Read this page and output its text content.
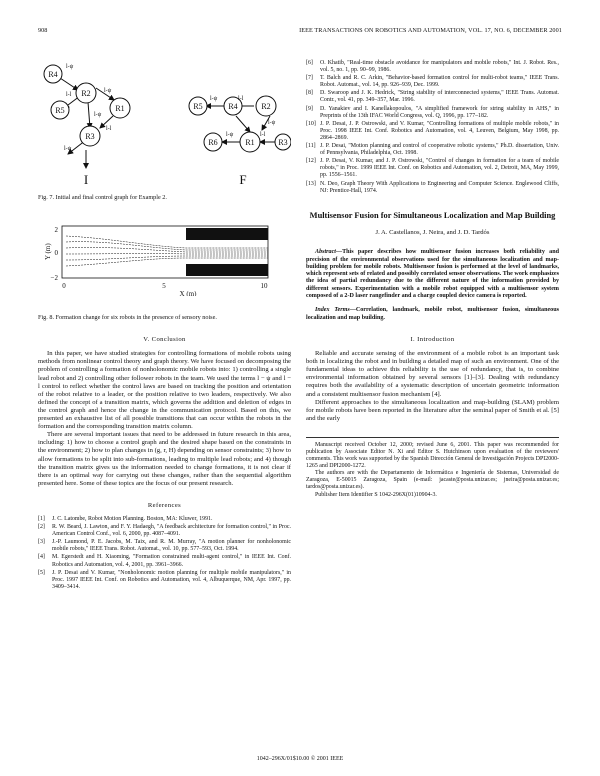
908	IEEE TRANSACTIONS ON ROBOTICS AND AUTOMATION, VOL. 17, NO. 6, DECEMBER 2001
R4
R2
R1
R3
R5	R5	R4	R2
R1
R6	R3
l-ψ
l-l
l-ψ
l-ψ
l-l
l-ψ
l-ψ	l-l
l-ψ
l-ψ	l-l
I	F
Fig. 7. Initial and final control graph for Example 2.
2
0
−2
0	5	10
X (m)
Y (m)
Fig. 8. Formation change for six robots in the presence of sensory noise.
V. Conclusion

In this paper, we have studied strategies for controlling formations of mobile robots using methods from nonlinear control theory and graph theory. We have focused on decomposing the problem of controlling a formation of nonholonomic mobile robots into: 1) controlling a single lead robot and 2) controlling other follower robots in the team. We used the terms l − ψ and l − l control to reflect whether the control laws are based on tracking the position and orientation of the robot relative to a leader, or the position relative to two leaders, respectively. We also defined the concept of a transition matrix, which governs the addition and deletion of edges in the control graph and hence the change in the communication protocol. Based on this, we presented an exhaustive list of all possible transitions that can occur within the robots in the formation and the corresponding transition matrix column.

There are several important issues that need to be addressed in future research in this area, including: 1) how to choose a control graph and the desired shape based on the constraints in the environment; 2) how to plan changes in (g, r, H) depending on sensor constraints; 3) how to allow formations to be split into sub-formations, leading to multiple lead robots; and 4) though the transition matrix gives us the information needed to change formations, it is not clear if there is an optimal way for carrying out these changes, rather than the sequential algorithm presented here. Some of these topics are the focus of our present research.

References
[1]	J. C. Latombe, Robot Motion Planning. Boston, MA: Kluwer, 1991.
[2]	R. W. Beard, J. Lawton, and F. Y. Hadaegh, "A feedback architecture for formation control," in Proc. American Control Conf., vol. 6, 2000, pp. 4087–4091.
[3]	J.-P. Laumond, P. E. Jacobs, M. Taix, and R. M. Murray, "A motion planner for nonholonomic mobile robots," IEEE Trans. Robot. Automat., vol. 10, pp. 577–593, Oct. 1994.
[4]	M. Egerstedt and H. Xiaoming, "Formation constrained multi-agent control," in IEEE Int. Conf. Robotics and Automation, vol. 4, 2001, pp. 3961–3966.
[5]	J. P. Desai and V. Kumar, "Nonholonomic motion planning for multiple mobile manipulators," in Proc. 1997 IEEE Int. Conf. on Robotics and Automation, vol. 4, Albuquerque, NM, Apr. 1997, pp. 3409–3414.
[6]	O. Khatib, "Real-time obstacle avoidance for manipulators and mobile robots," Int. J. Robot. Res., vol. 5, no. 1, pp. 90–99, 1986.
[7]	T. Balch and R. C. Arkin, "Behavior-based formation control for multi-robot teams," IEEE Trans. Robot. Automat., vol. 14, pp. 926–939, Dec. 1999.
[8]	D. Swaroop and J. K. Hedrick, "String stability of interconnected systems," IEEE Trans. Automat. Contr., vol. 41, pp. 349–357, Mar. 1996.
[9]	D. Yanakiev and I. Kanellakopoulos, "A simplified framework for string stability in AHS," in Preprints of the 13th IFAC World Congress, vol. Q, 1996, pp. 177–182.
[10] J. P. Desai, J. P. Ostrowski, and V. Kumar, "Controlling formations of multiple mobile robots," in Proc. 1998 IEEE Int. Conf. Robotics and Automation, vol. 4, Leuven, Belgium, May 1998, pp. 2864–2869.
[11] J. P. Desai, "Motion planning and control of cooperative robotic systems," Ph.D. dissertation, Univ. of Pennsylvania, Philadelphia, Oct. 1998.
[12] J. P. Desai, V. Kumar, and J. P. Ostrowski, "Control of changes in formation for a team of mobile robots," in Proc. 1999 IEEE Int. Conf. on Robotics and Automation, vol. 2, Detroit, MA, May 1999, pp. 1556–1561.
[13] N. Deo, Graph Theory With Applications to Engineering and Computer Science. Englewood Cliffs, NJ: Prentice-Hall, 1974.
Multisensor Fusion for Simultaneous Localization and Map Building
J. A. Castellanos, J. Neira, and J. D. Tardós
Abstract—This paper describes how multisensor fusion increases both reliability and precision of the environmental observations used for the simultaneous localization and map-building problem for mobile robots. Multisensor fusion is performed at the level of landmarks, which represent sets of related and possibly correlated sensor observations. The work emphasizes the idea of partial redundancy due to the different nature of the information provided by different sensors. Experimentation with a mobile robot equipped with a multisensor system composed of a 2-D laser rangefinder and a charge coupled device camera is reported.
Index Terms—Correlation, landmark, mobile robot, multisensor fusion, simultaneous localization and map building.
I. Introduction

Reliable and accurate sensing of the environment of a mobile robot is an important task both in localizing the robot and in building a detailed map of such an environment. One of the fundamental ideas to achieve this reliability is the use of redundancy, that is, to combine environmental information obtained by several sensors [1]–[3]. Dealing with redundancy requires both the availability of a systematic description of uncertain geometric information and a consistent multisensor fusion mechanism [4].

Different approaches to the simultaneous localization and map-building (SLAM) problem for mobile robots have been reported in the literature after the seminal paper of Smith et al. [5] and the early

Manuscript received October 12, 2000; revised June 6, 2001. This paper was recommended for publication by Associate Editor N. Xi and Editor S. Hutchinson upon evaluation of the reviewers' comments. This work was supported by the Spanish Dirección General de Investigación Projects DPI2000-1265 and DPI2000-1272.

The authors are with the Departamento de Informática e Ingeniería de Sistemas, Universidad de Zaragoza, E-50015 Zaragoza, Spain (e-mail: jacaste@posta.unizar.es; jneira@posta.unizar.es; tardos@posta.unizar.es).

Publisher Item Identifier S 1042-296X(01)10904-3.

1042–296X/01$10.00 © 2001 IEEE
